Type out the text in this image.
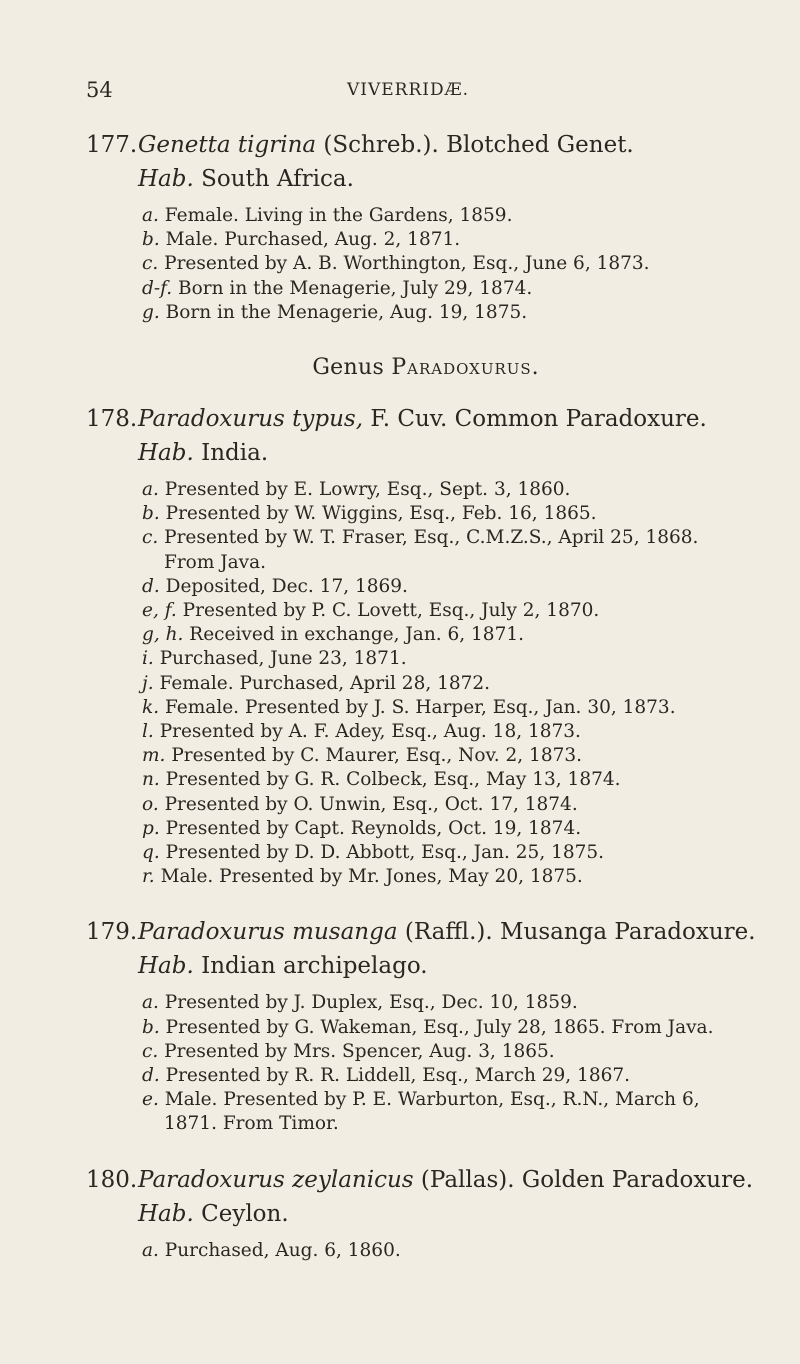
54	VIVERRIDÆ.
177.Genetta tigrina (Schreb.). Blotched Genet.
Hab. South Africa.
a. Female. Living in the Gardens, 1859.
b. Male. Purchased, Aug. 2, 1871.
c. Presented by A. B. Worthington, Esq., June 6, 1873.
d-f. Born in the Menagerie, July 29, 1874.
g. Born in the Menagerie, Aug. 19, 1875.
Genus Paradoxurus.
178.Paradoxurus typus, F. Cuv. Common Paradoxure.
Hab. India.
a. Presented by E. Lowry, Esq., Sept. 3, 1860.
b. Presented by W. Wiggins, Esq., Feb. 16, 1865.
c. Presented by W. T. Fraser, Esq., C.M.Z.S., April 25, 1868. From Java.
d. Deposited, Dec. 17, 1869.
e, f. Presented by P. C. Lovett, Esq., July 2, 1870.
g, h. Received in exchange, Jan. 6, 1871.
i. Purchased, June 23, 1871.
j. Female. Purchased, April 28, 1872.
k. Female. Presented by J. S. Harper, Esq., Jan. 30, 1873.
l. Presented by A. F. Adey, Esq., Aug. 18, 1873.
m. Presented by C. Maurer, Esq., Nov. 2, 1873.
n. Presented by G. R. Colbeck, Esq., May 13, 1874.
o. Presented by O. Unwin, Esq., Oct. 17, 1874.
p. Presented by Capt. Reynolds, Oct. 19, 1874.
q. Presented by D. D. Abbott, Esq., Jan. 25, 1875.
r. Male. Presented by Mr. Jones, May 20, 1875.
179.Paradoxurus musanga (Raffl.). Musanga Paradoxure.
Hab. Indian archipelago.
a. Presented by J. Duplex, Esq., Dec. 10, 1859.
b. Presented by G. Wakeman, Esq., July 28, 1865. From Java.
c. Presented by Mrs. Spencer, Aug. 3, 1865.
d. Presented by R. R. Liddell, Esq., March 29, 1867.
e. Male. Presented by P. E. Warburton, Esq., R.N., March 6, 1871. From Timor.
180.Paradoxurus zeylanicus (Pallas). Golden Paradoxure.
Hab. Ceylon.
a. Purchased, Aug. 6, 1860.
